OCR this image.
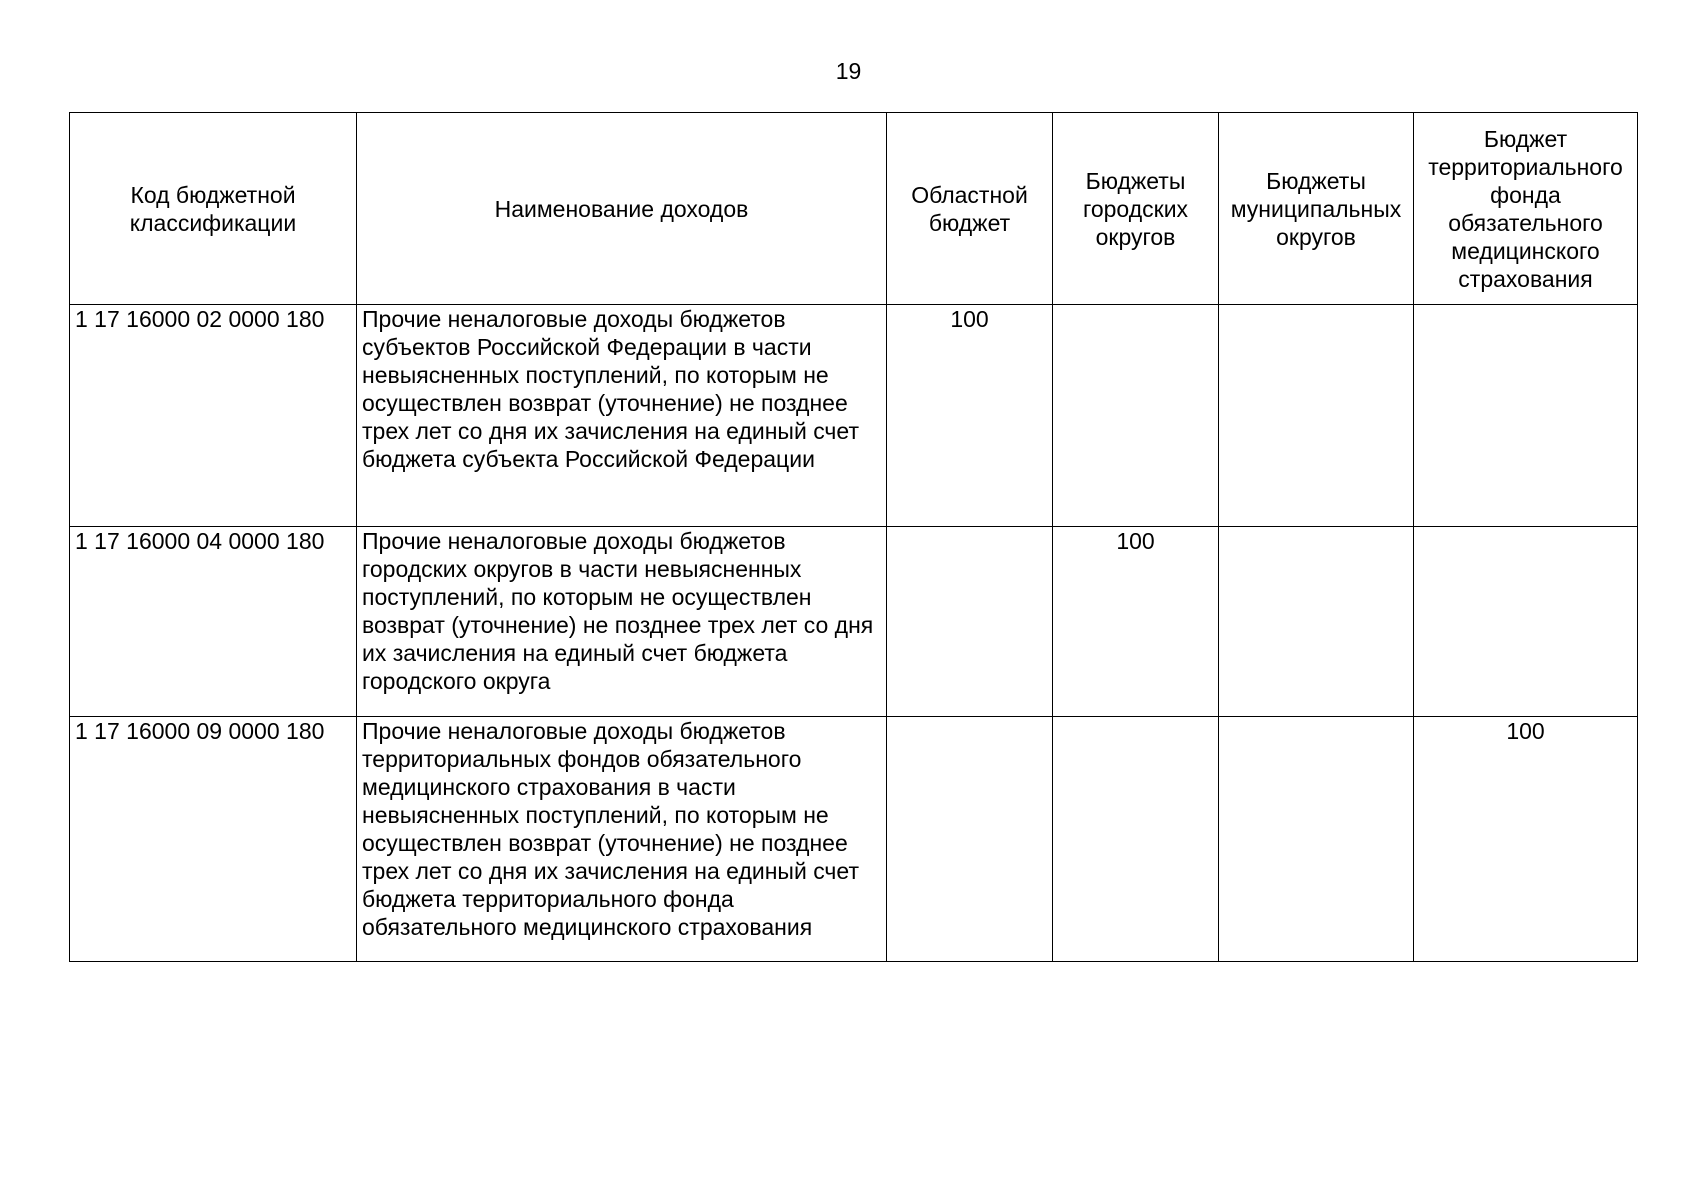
19
Код бюджетной классификации	Наименование доходов	Областной бюджет	Бюджеты городских округов	Бюджеты муниципальных округов	Бюджет территориального фонда обязательного медицинского страхования
1 17 16000 02 0000 180	Прочие неналоговые доходы бюджетов субъектов Российской Федерации в части невыясненных поступлений, по которым не осуществлен возврат (уточнение) не позднее трех лет со дня их зачисления на единый счет бюджета субъекта Российской Федерации	100			
1 17 16000 04 0000 180	Прочие неналоговые доходы бюджетов городских округов в части невыясненных поступлений, по которым не осуществлен возврат (уточнение) не позднее трех лет со дня их зачисления на единый счет бюджета городского округа		100		
1 17 16000 09 0000 180	Прочие неналоговые доходы бюджетов территориальных фондов обязательного медицинского страхования в части невыясненных поступлений, по которым не осуществлен возврат (уточнение) не позднее трех лет со дня их зачисления на единый счет бюджета территориального фонда обязательного медицинского страхования				100
